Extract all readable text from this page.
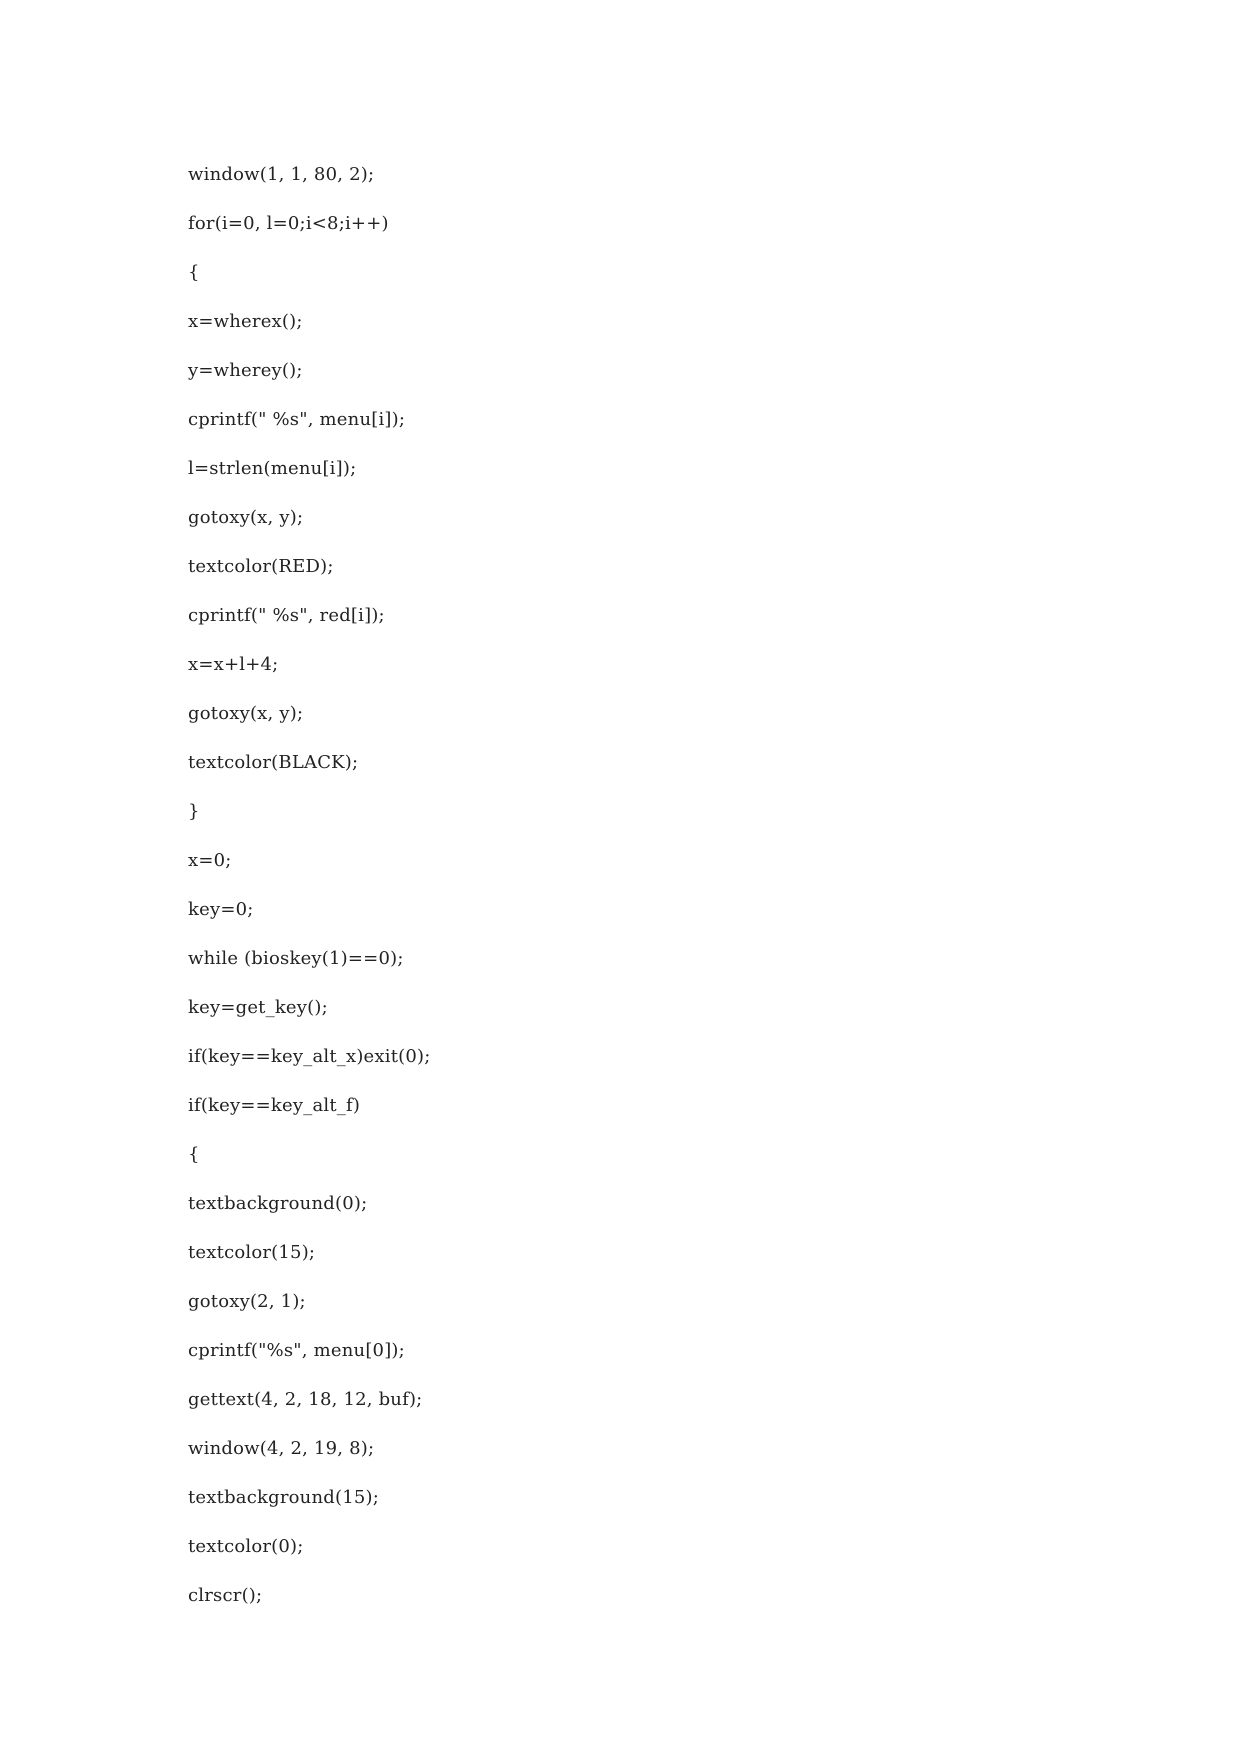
window(1, 1, 80, 2);
for(i=0, l=0;i<8;i++)
{
x=wherex();
y=wherey();
cprintf(" %s", menu[i]);
l=strlen(menu[i]);
gotoxy(x, y);
textcolor(RED);
cprintf(" %s", red[i]);
x=x+l+4;
gotoxy(x, y);
textcolor(BLACK);
}
x=0;
key=0;
while (bioskey(1)==0);
key=get_key();
if(key==key_alt_x)exit(0);
if(key==key_alt_f)
{
textbackground(0);
textcolor(15);
gotoxy(2, 1);
cprintf("%s", menu[0]);
gettext(4, 2, 18, 12, buf);
window(4, 2, 19, 8);
textbackground(15);
textcolor(0);
clrscr();
